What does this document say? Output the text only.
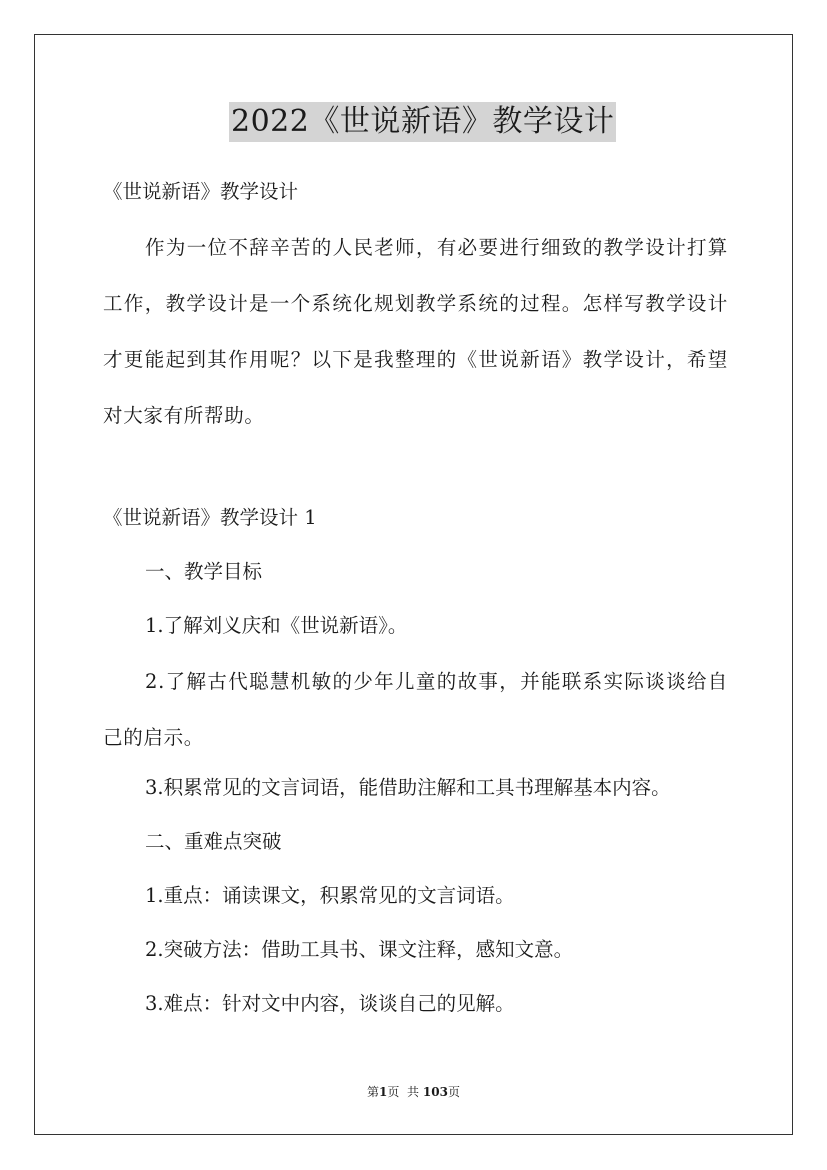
2022《世说新语》教学设计
《世说新语》教学设计
作为一位不辞辛苦的人民老师，有必要进行细致的教学设计打算工作，教学设计是一个系统化规划教学系统的过程。怎样写教学设计才更能起到其作用呢？以下是我整理的《世说新语》教学设计，希望对大家有所帮助。
《世说新语》教学设计 1
一、教学目标
1.了解刘义庆和《世说新语》。
2.了解古代聪慧机敏的少年儿童的故事，并能联系实际谈谈给自己的启示。
3.积累常见的文言词语，能借助注解和工具书理解基本内容。
二、重难点突破
1.重点：诵读课文，积累常见的文言词语。
2.突破方法：借助工具书、课文注释，感知文意。
3.难点：针对文中内容，谈谈自己的见解。
第1页 共 103页
